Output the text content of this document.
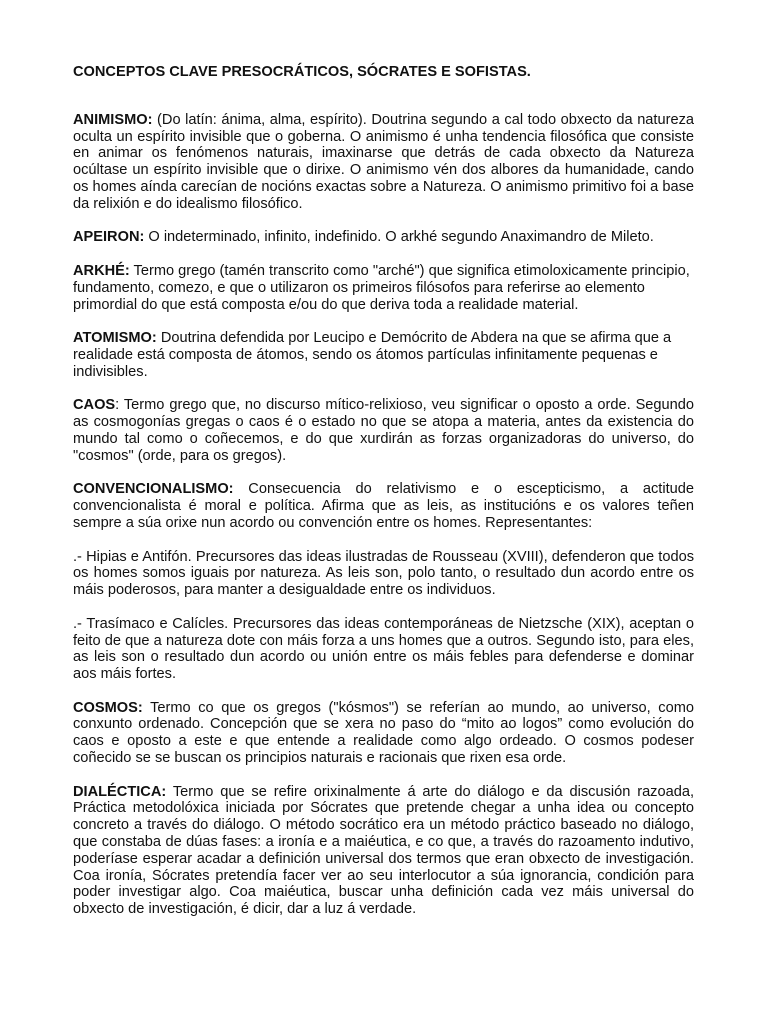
CONCEPTOS CLAVE PRESOCRÁTICOS, SÓCRATES E SOFISTAS.

ANIMISMO: (Do latín: ánima, alma, espírito). Doutrina segundo a cal todo obxecto da natureza oculta un espírito invisible que o goberna. O animismo é unha tendencia filosófica que consiste en animar os fenómenos naturais, imaxinarse que detrás de cada obxecto da Natureza ocúltase un espírito invisible que o dirixe. O animismo vén dos albores da humanidade, cando os homes aínda carecían de nocións exactas sobre a Natureza. O animismo primitivo foi a base da relixión e do idealismo filosófico.

APEIRON: O indeterminado, infinito, indefinido. O arkhé segundo Anaximandro de Mileto.

ARKHÉ: Termo grego (tamén transcrito como "arché") que significa etimoloxicamente principio, fundamento, comezo, e que o utilizaron os primeiros filósofos para referirse ao elemento primordial do que está composta e/ou do que deriva toda a realidade material.

ATOMISMO: Doutrina defendida por Leucipo e Demócrito de Abdera na que se afirma que a realidade está composta de átomos, sendo os átomos partículas infinitamente pequenas e indivisibles.

CAOS: Termo grego que, no discurso mítico-relixioso, veu significar o oposto a orde. Segundo as cosmogonías gregas o caos é o estado no que se atopa a materia, antes da existencia do mundo tal como o coñecemos, e do que xurdirán as forzas organizadoras do universo, do "cosmos" (orde, para os gregos).

CONVENCIONALISMO: Consecuencia do relativismo e o escepticismo, a actitude convencionalista é moral e política. Afirma que as leis, as institucións e os valores teñen sempre a súa orixe nun acordo ou convención entre os homes. Representantes:

.- Hipias e Antifón. Precursores das ideas ilustradas de Rousseau (XVIII), defenderon que todos os homes somos iguais por natureza. As leis son, polo tanto, o resultado dun acordo entre os máis poderosos, para manter a desigualdade entre os individuos.

.- Trasímaco e Calícles. Precursores das ideas contemporáneas de Nietzsche (XIX), aceptan o feito de que a natureza dote con máis forza a uns homes que a outros. Segundo isto, para eles, as leis son o resultado dun acordo ou unión entre os máis febles para defenderse e dominar aos máis fortes.

COSMOS: Termo co que os gregos ("kósmos") se referían ao mundo, ao universo, como conxunto ordenado. Concepción que se xera no paso do “mito ao logos” como evolución do caos e oposto a este e que entende a realidade como algo ordeado. O cosmos podeser coñecido se se buscan os principios naturais e racionais que rixen esa orde.

DIALÉCTICA: Termo que se refire orixinalmente á arte do diálogo e da discusión razoada, Práctica metodolóxica iniciada por Sócrates que pretende chegar a unha idea ou concepto concreto a través do diálogo. O método socrático era un método práctico baseado no diálogo, que constaba de dúas fases: a ironía e a maiéutica, e co que, a través do razoamento indutivo, poderíase esperar acadar a definición universal dos termos que eran obxecto de investigación. Coa ironía, Sócrates pretendía facer ver ao seu interlocutor a súa ignorancia, condición para poder investigar algo. Coa maiéutica, buscar unha definición cada vez máis universal do obxecto de investigación, é dicir, dar a luz á verdade.
